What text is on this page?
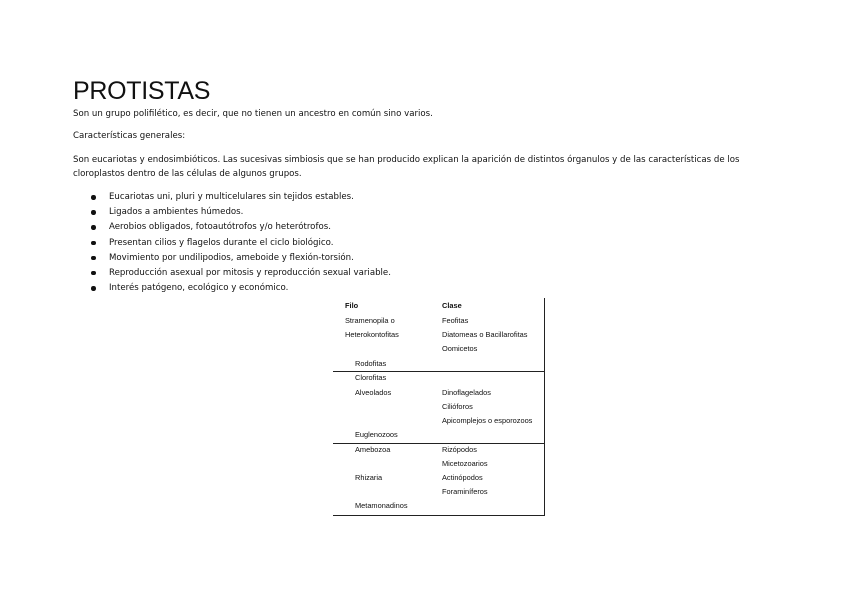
PROTISTAS

Son un grupo polifilético, es decir, que no tienen un ancestro en común sino varios.

Características generales:

Son eucariotas y endosimbióticos. Las sucesivas simbiosis que se han producido explican la aparición de distintos órganulos y de las características de los cloroplastos dentro de las células de algunos grupos.

Eucariotas uni, pluri y multicelulares sin tejidos estables.
Ligados a ambientes húmedos.
Aerobios obligados, fotoautótrofos y/o heterótrofos.
Presentan cilios y flagelos durante el ciclo biológico.
Movimiento por undilipodios, ameboide y flexión-torsión.
Reproducción asexual por mitosis y reproducción sexual variable.
Interés patógeno, ecológico y económico.
Filo	Clase
Stramenopila o
Heterokontofitas
Rodofitas
Clorofitas
Alveolados
Euglenozoos
Amebozoa
Rhizaria
Metamonadinos
Feofitas
Diatomeas o Bacillarofitas
Oomicetos
Dinoflagelados
Cilióforos
Apicomplejos o esporozoos
Rizópodos
Micetozoarios
Actinópodos
Foraminíferos
